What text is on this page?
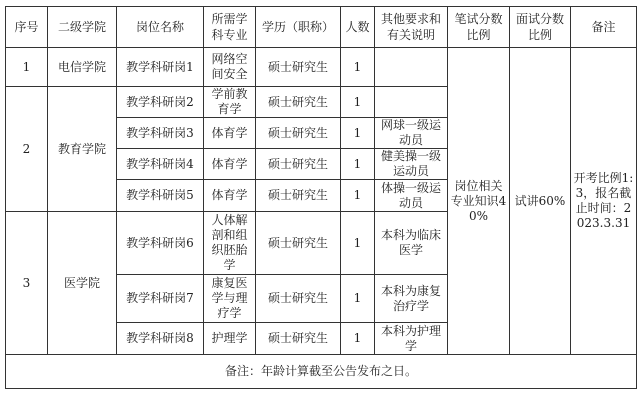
序号	二级学院	岗位名称	所需学科专业	学历（职称）	人数	其他要求和有关说明	笔试分数比例	面试分数比例	备注
1	电信学院	教学科研岗1	网络空间安全	硕士研究生	1		岗位相关专业知识40%	试讲60%	开考比例1:3，报名截止时间：2023.3.31
2	教育学院	教学科研岗2	学前教育学	硕士研究生	1				
		教学科研岗3	体育学	硕士研究生	1	网球一级运动员			
		教学科研岗4	体育学	硕士研究生	1	健美操一级运动员			
		教学科研岗5	体育学	硕士研究生	1	体操一级运动员			
3	医学院	教学科研岗6	人体解剖和组织胚胎学	硕士研究生	1	本科为临床医学			
		教学科研岗7	康复医学与理疗学	硕士研究生	1	本科为康复治疗学			
		教学科研岗8	护理学	硕士研究生	1	本科为护理学			
备注：年龄计算截至公告发布之日。									
